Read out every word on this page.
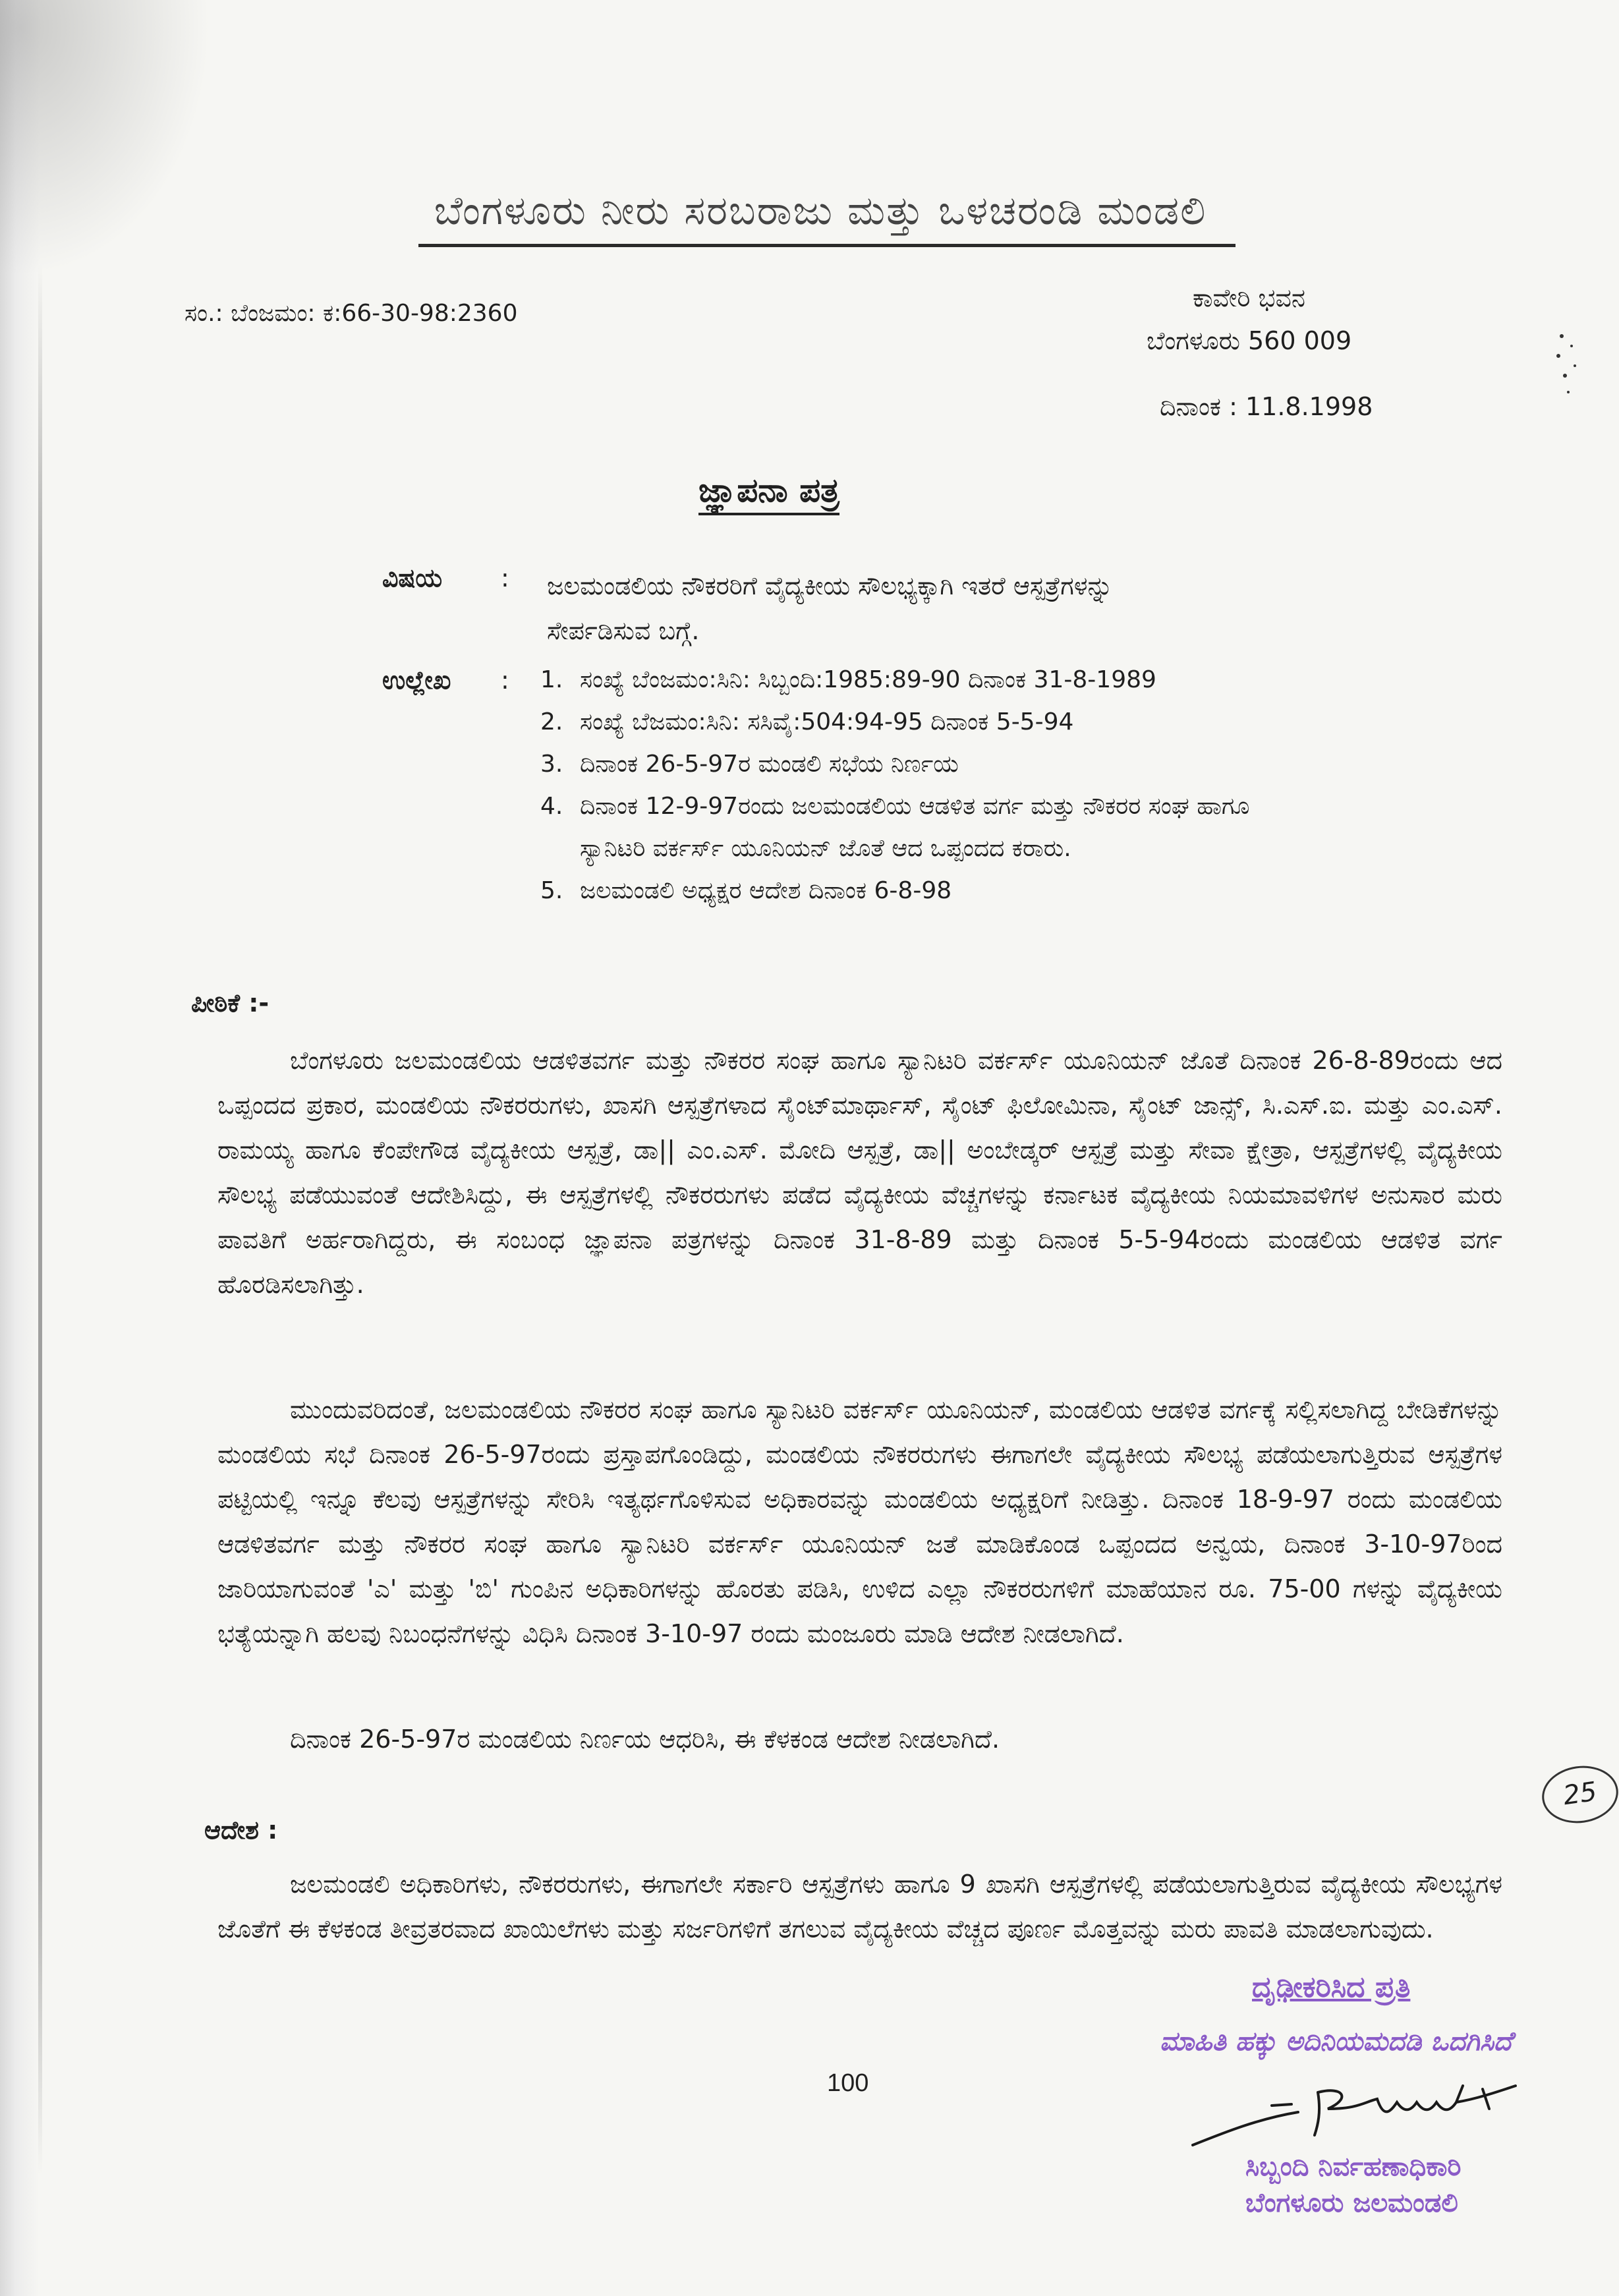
ಬೆಂಗಳೂರು ನೀರು ಸರಬರಾಜು ಮತ್ತು ಒಳಚರಂಡಿ ಮಂಡಲಿ
ಸಂ.: ಬೆಂಜಮಂ: ಕ:66-30-98:2360
ಕಾವೇರಿ ಭವನ
ಬೆಂಗಳೂರು 560 009
ದಿನಾಂಕ : 11.8.1998
ಜ್ಞಾಪನಾ ಪತ್ರ
ವಿಷಯ : ಜಲಮಂಡಲಿಯ ನೌಕರರಿಗೆ ವೈದ್ಯಕೀಯ ಸೌಲಭ್ಯಕ್ಕಾಗಿ ಇತರೆ ಆಸ್ಪತ್ರೆಗಳನ್ನು ಸೇರ್ಪಡಿಸುವ ಬಗ್ಗೆ.
ಉಲ್ಲೇಖ : 1. ಸಂಖ್ಯೆ ಬೆಂಜಮಂ:ಸಿನಿ: ಸಿಬ್ಬಂದಿ:1985:89-90 ದಿನಾಂಕ 31-8-1989
2. ಸಂಖ್ಯೆ ಬೆಜಮಂ:ಸಿನಿ: ಸಸಿವೈ:504:94-95 ದಿನಾಂಕ 5-5-94
3. ದಿನಾಂಕ 26-5-97ರ ಮಂಡಲಿ ಸಭೆಯ ನಿರ್ಣಯ
4. ದಿನಾಂಕ 12-9-97ರಂದು ಜಲಮಂಡಲಿಯ ಆಡಳಿತ ವರ್ಗ ಮತ್ತು ನೌಕರರ ಸಂಘ ಹಾಗೂ ಸ್ಯಾನಿಟರಿ ವರ್ಕರ್ಸ್ ಯೂನಿಯನ್ ಜೊತೆ ಆದ ಒಪ್ಪಂದದ ಕರಾರು.
5. ಜಲಮಂಡಲಿ ಅಧ್ಯಕ್ಷರ ಆದೇಶ ದಿನಾಂಕ 6-8-98
ಪೀಠಿಕೆ :-
ಬೆಂಗಳೂರು ಜಲಮಂಡಲಿಯ ಆಡಳಿತವರ್ಗ ಮತ್ತು ನೌಕರರ ಸಂಘ ಹಾಗೂ ಸ್ಯಾನಿಟರಿ ವರ್ಕರ್ಸ್ ಯೂನಿಯನ್ ಜೊತೆ ದಿನಾಂಕ 26-8-89ರಂದು ಆದ ಒಪ್ಪಂದದ ಪ್ರಕಾರ, ಮಂಡಲಿಯ ನೌಕರರುಗಳು, ಖಾಸಗಿ ಆಸ್ಪತ್ರೆಗಳಾದ ಸೈಂಟ್‌ಮಾರ್ಥಾಸ್, ಸೈಂಟ್ ಫಿಲೋಮಿನಾ, ಸೈಂಟ್ ಜಾನ್ಸ್, ಸಿ.ಎಸ್.ಐ. ಮತ್ತು ಎಂ.ಎಸ್. ರಾಮಯ್ಯ ಹಾಗೂ ಕೆಂಪೇಗೌಡ ವೈದ್ಯಕೀಯ ಆಸ್ಪತ್ರೆ, ಡಾ|| ಎಂ.ಎಸ್. ಮೋದಿ ಆಸ್ಪತ್ರೆ, ಡಾ|| ಅಂಬೇಡ್ಕರ್ ಆಸ್ಪತ್ರೆ ಮತ್ತು ಸೇವಾ ಕ್ಷೇತ್ರಾ, ಆಸ್ಪತ್ರೆಗಳಲ್ಲಿ ವೈದ್ಯಕೀಯ ಸೌಲಭ್ಯ ಪಡೆಯುವಂತೆ ಆದೇಶಿಸಿದ್ದು, ಈ ಆಸ್ಪತ್ರೆಗಳಲ್ಲಿ ನೌಕರರುಗಳು ಪಡೆದ ವೈದ್ಯಕೀಯ ವೆಚ್ಚಗಳನ್ನು ಕರ್ನಾಟಕ ವೈದ್ಯಕೀಯ ನಿಯಮಾವಳಿಗಳ ಅನುಸಾರ ಮರು ಪಾವತಿಗೆ ಅರ್ಹರಾಗಿದ್ದರು, ಈ ಸಂಬಂಧ ಜ್ಞಾಪನಾ ಪತ್ರಗಳನ್ನು ದಿನಾಂಕ 31-8-89 ಮತ್ತು ದಿನಾಂಕ 5-5-94ರಂದು ಮಂಡಲಿಯ ಆಡಳಿತ ವರ್ಗ ಹೊರಡಿಸಲಾಗಿತ್ತು.
ಮುಂದುವರಿದಂತೆ, ಜಲಮಂಡಲಿಯ ನೌಕರರ ಸಂಘ ಹಾಗೂ ಸ್ಯಾನಿಟರಿ ವರ್ಕರ್ಸ್ ಯೂನಿಯನ್, ಮಂಡಲಿಯ ಆಡಳಿತ ವರ್ಗಕ್ಕೆ ಸಲ್ಲಿಸಲಾಗಿದ್ದ ಬೇಡಿಕೆಗಳನ್ನು ಮಂಡಲಿಯ ಸಭೆ ದಿನಾಂಕ 26-5-97ರಂದು ಪ್ರಸ್ತಾಪಗೊಂಡಿದ್ದು, ಮಂಡಲಿಯ ನೌಕರರುಗಳು ಈಗಾಗಲೇ ವೈದ್ಯಕೀಯ ಸೌಲಭ್ಯ ಪಡೆಯಲಾಗುತ್ತಿರುವ ಆಸ್ಪತ್ರೆಗಳ ಪಟ್ಟಿಯಲ್ಲಿ ಇನ್ನೂ ಕೆಲವು ಆಸ್ಪತ್ರೆಗಳನ್ನು ಸೇರಿಸಿ ಇತ್ಯರ್ಥಗೊಳಿಸುವ ಅಧಿಕಾರವನ್ನು ಮಂಡಲಿಯ ಅಧ್ಯಕ್ಷರಿಗೆ ನೀಡಿತ್ತು. ದಿನಾಂಕ 18-9-97 ರಂದು ಮಂಡಲಿಯ ಆಡಳಿತವರ್ಗ ಮತ್ತು ನೌಕರರ ಸಂಘ ಹಾಗೂ ಸ್ಯಾನಿಟರಿ ವರ್ಕರ್ಸ್ ಯೂನಿಯನ್ ಜತೆ ಮಾಡಿಕೊಂಡ ಒಪ್ಪಂದದ ಅನ್ವಯ, ದಿನಾಂಕ 3-10-97ರಿಂದ ಜಾರಿಯಾಗುವಂತೆ 'ಎ' ಮತ್ತು 'ಬಿ' ಗುಂಪಿನ ಅಧಿಕಾರಿಗಳನ್ನು ಹೊರತು ಪಡಿಸಿ, ಉಳಿದ ಎಲ್ಲಾ ನೌಕರರುಗಳಿಗೆ ಮಾಹೆಯಾನ ರೂ. 75-00 ಗಳನ್ನು ವೈದ್ಯಕೀಯ ಭತ್ಯೆಯನ್ನಾಗಿ ಹಲವು ನಿಬಂಧನೆಗಳನ್ನು ವಿಧಿಸಿ ದಿನಾಂಕ 3-10-97 ರಂದು ಮಂಜೂರು ಮಾಡಿ ಆದೇಶ ನೀಡಲಾಗಿದೆ.
ದಿನಾಂಕ 26-5-97ರ ಮಂಡಲಿಯ ನಿರ್ಣಯ ಆಧರಿಸಿ, ಈ ಕೆಳಕಂಡ ಆದೇಶ ನೀಡಲಾಗಿದೆ.
25
ಆದೇಶ :
ಜಲಮಂಡಲಿ ಅಧಿಕಾರಿಗಳು, ನೌಕರರುಗಳು, ಈಗಾಗಲೇ ಸರ್ಕಾರಿ ಆಸ್ಪತ್ರೆಗಳು ಹಾಗೂ 9 ಖಾಸಗಿ ಆಸ್ಪತ್ರೆಗಳಲ್ಲಿ ಪಡೆಯಲಾಗುತ್ತಿರುವ ವೈದ್ಯಕೀಯ ಸೌಲಭ್ಯಗಳ ಜೊತೆಗೆ ಈ ಕೆಳಕಂಡ ತೀವ್ರತರವಾದ ಖಾಯಿಲೆಗಳು ಮತ್ತು ಸರ್ಜರಿಗಳಿಗೆ ತಗಲುವ ವೈದ್ಯಕೀಯ ವೆಚ್ಚದ ಪೂರ್ಣ ಮೊತ್ತವನ್ನು ಮರು ಪಾವತಿ ಮಾಡಲಾಗುವುದು.
ದೃಢೀಕರಿಸಿದ ಪ್ರತಿ
ಮಾಹಿತಿ ಹಕ್ಕು ಅದಿನಿಯಮದಡಿ ಒದಗಿಸಿದೆ
100
ಸಿಬ್ಬಂದಿ ನಿರ್ವಹಣಾಧಿಕಾರಿ
ಬೆಂಗಳೂರು ಜಲಮಂಡಲಿ
